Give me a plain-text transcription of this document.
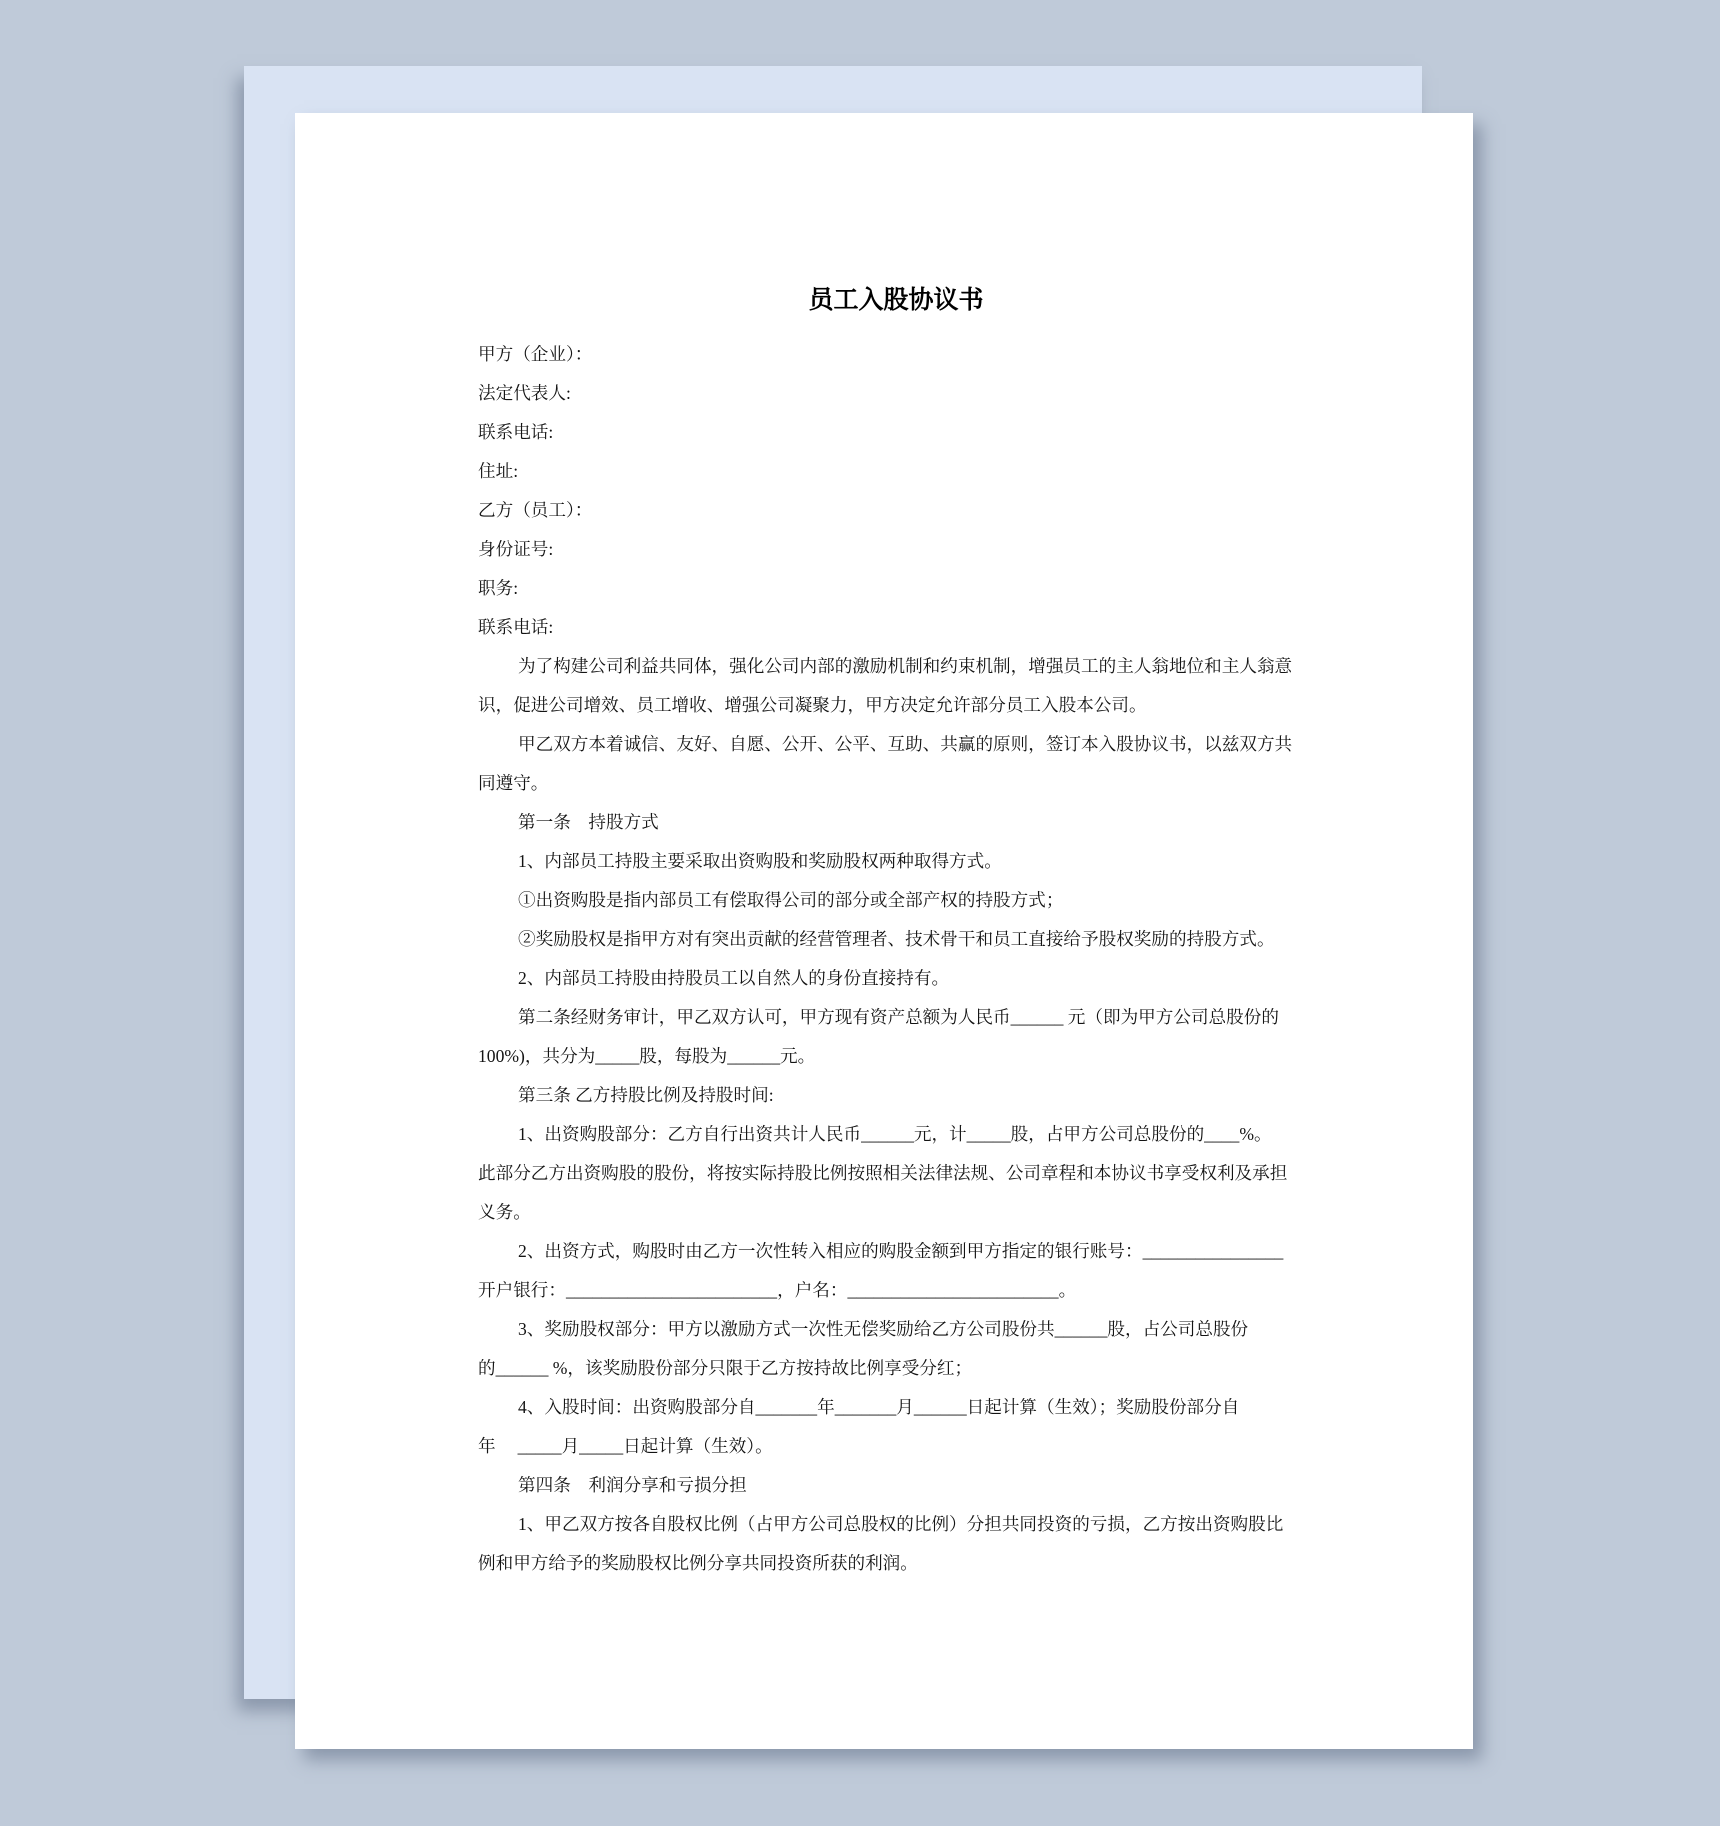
员工入股协议书
甲方（企业）：
法定代表人:
联系电话:
住址:
乙方（员工）：
身份证号:
职务:
联系电话:
为了构建公司利益共同体，强化公司内部的激励机制和约束机制，增强员工的主人翁地位和主人翁意
识，促进公司增效、员工增收、增强公司凝聚力，甲方决定允许部分员工入股本公司。
甲乙双方本着诚信、友好、自愿、公开、公平、互助、共赢的原则，签订本入股协议书，以兹双方共
同遵守。
第一条　持股方式
1、内部员工持股主要采取出资购股和奖励股权两种取得方式。
①出资购股是指内部员工有偿取得公司的部分或全部产权的持股方式；
②奖励股权是指甲方对有突出贡献的经营管理者、技术骨干和员工直接给予股权奖励的持股方式。
2、内部员工持股由持股员工以自然人的身份直接持有。
第二条经财务审计，甲乙双方认可，甲方现有资产总额为人民币______ 元（即为甲方公司总股份的
100%)，共分为_____股，每股为______元。
第三条 乙方持股比例及持股时间:
1、出资购股部分：乙方自行出资共计人民币______元，计_____股，占甲方公司总股份的____%。
此部分乙方出资购股的股份，将按实际持股比例按照相关法律法规、公司章程和本协议书享受权利及承担
义务。
2、出资方式，购股时由乙方一次性转入相应的购股金额到甲方指定的银行账号：________________
开户银行：________________________，户名：________________________。
3、奖励股权部分：甲方以激励方式一次性无偿奖励给乙方公司股份共______股，占公司总股份
的______ %，该奖励股份部分只限于乙方按持故比例享受分红；
4、入股时间：出资购股部分自_______年_______月______日起计算（生效）；奖励股份部分自
年　 _____月_____日起计算（生效）。
第四条　利润分享和亏损分担
1、甲乙双方按各自股权比例（占甲方公司总股权的比例）分担共同投资的亏损，乙方按出资购股比
例和甲方给予的奖励股权比例分享共同投资所获的利润。
